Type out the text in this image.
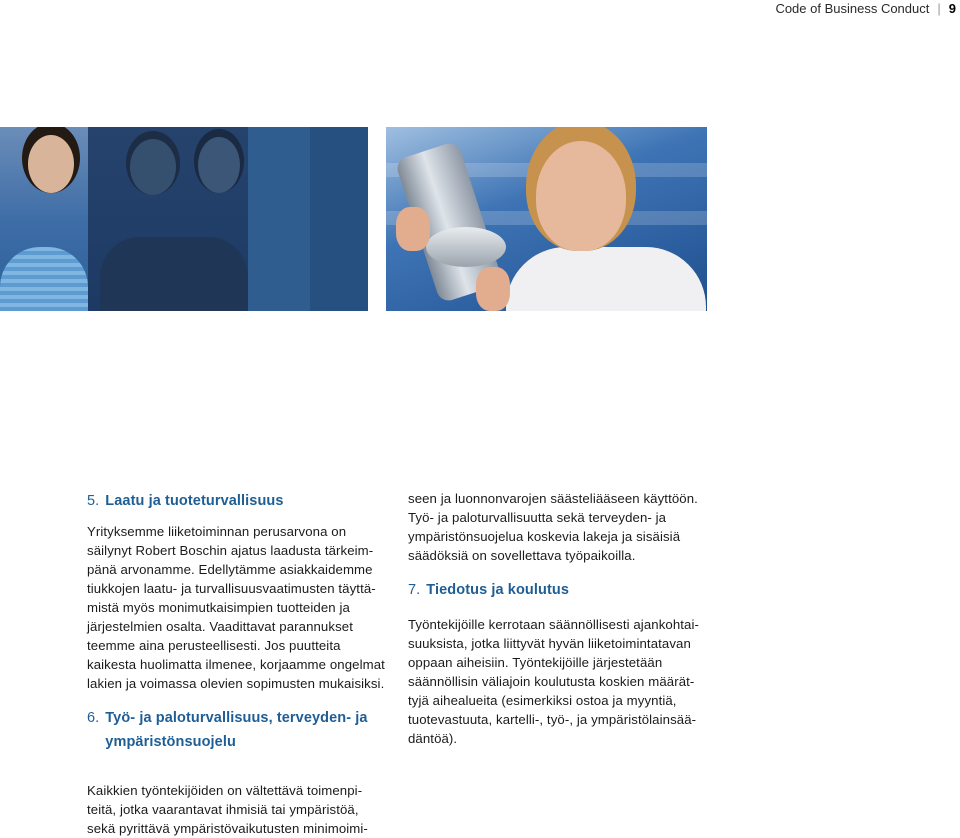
Code of Business Conduct | 9
5. Laatu ja tuoteturvallisuus

Yrityksemme liiketoiminnan perusarvona on
säilynyt Robert Boschin ajatus laadusta tärkeim-
pänä arvonamme. Edellytämme asiakkaidemme
tiukkojen laatu- ja turvallisuusvaatimusten täyttä-
mistä myös monimutkaisimpien tuotteiden ja
järjestelmien osalta. Vaadittavat parannukset
teemme aina perusteellisesti. Jos puutteita
kaikesta huolimatta ilmenee, korjaamme ongelmat
lakien ja voimassa olevien sopimusten mukaisiksi.

6. Työ- ja paloturvallisuus, terveyden- ja
ympäristönsuojelu

Kaikkien työntekijöiden on vältettävä toimenpi-
teitä, jotka vaarantavat ihmisiä tai ympäristöä,
sekä pyrittävä ympäristövaikutusten minimoimi-

seen ja luonnonvarojen säästeliääseen käyttöön.
Työ- ja paloturvallisuutta sekä terveyden- ja
ympäristönsuojelua koskevia lakeja ja sisäisiä
säädöksiä on sovellettava työpaikoilla.

7. Tiedotus ja koulutus

Työntekijöille kerrotaan säännöllisesti ajankohtai-
suuksista, jotka liittyvät hyvän liiketoimintatavan
oppaan aiheisiin. Työntekijöille järjestetään
säännöllisin väliajoin koulutusta koskien määrät-
tyjä aihealueita (esimerkiksi ostoa ja myyntiä,
tuotevastuuta, kartelli-, työ-, ja ympäristölainsää-
däntöä).
